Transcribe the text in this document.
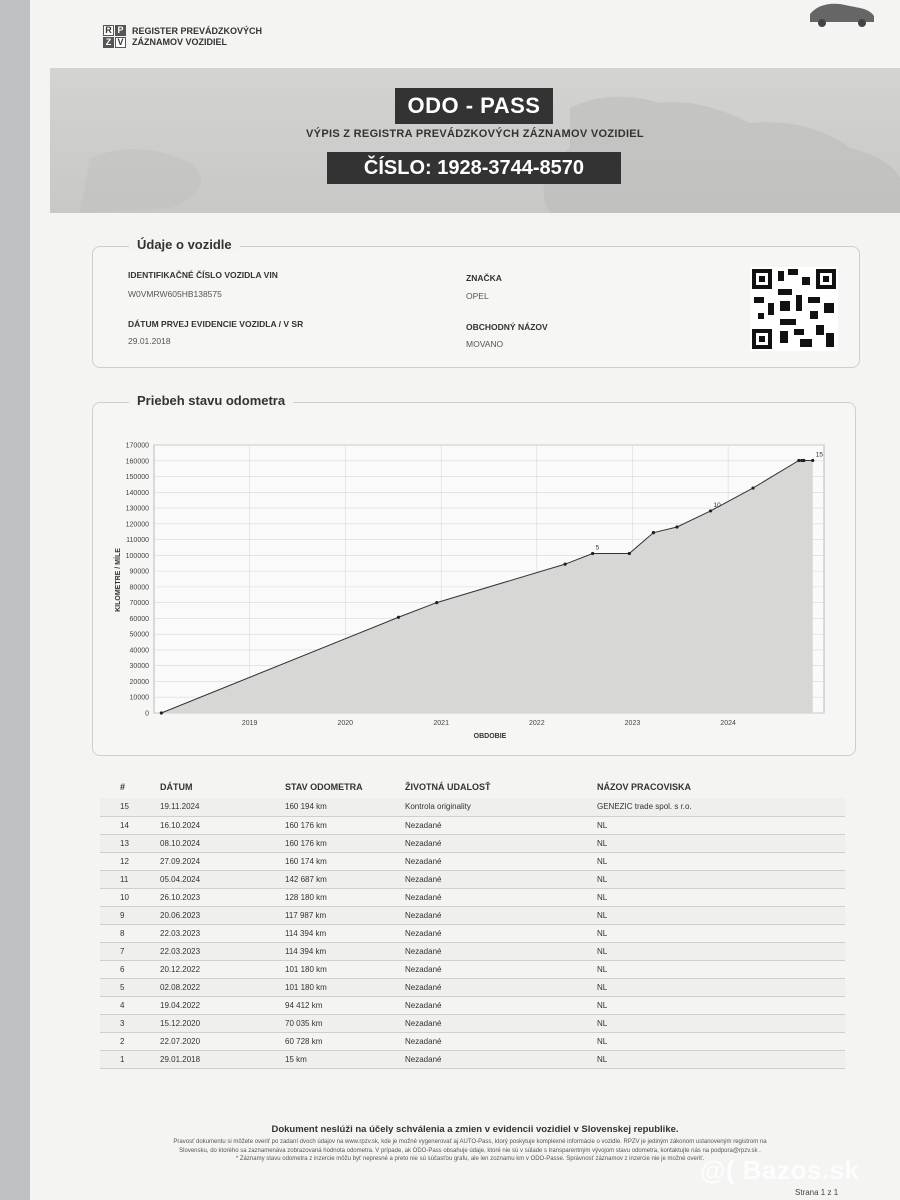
R P
Z V
REGISTER PREVÁDZKOVÝCH
ZÁZNAMOV VOZIDIEL
ODO - PASS
VÝPIS Z REGISTRA PREVÁDZKOVÝCH ZÁZNAMOV VOZIDIEL
ČÍSLO: 1928-3744-8570
Údaje o vozidle
IDENTIFIKAČNÉ ČÍSLO VOZIDLA VIN
W0VMRW605HB138575
DÁTUM PRVEJ EVIDENCIE VOZIDLA / V SR
29.01.2018
ZNAČKA
OPEL
OBCHODNÝ NÁZOV
MOVANO
Priebeh stavu odometra
5
10
15
0
10000
20000
30000
40000
50000
60000
70000
80000
90000
100000
110000
120000
130000
140000
150000
160000
170000
2019	2020	2021	2022	2023	2024
KILOMETRE / MÍLE
OBDOBIE
#	DÁTUM	STAV ODOMETRA	ŽIVOTNÁ UDALOSŤ	NÁZOV PRACOVISKA
15	19.11.2024	160 194 km	Kontrola originality	GENEZIC trade spol. s r.o.
14	16.10.2024	160 176 km	Nezadané	NL
13	08.10.2024	160 176 km	Nezadané	NL
12	27.09.2024	160 174 km	Nezadané	NL
11	05.04.2024	142 687 km	Nezadané	NL
10	26.10.2023	128 180 km	Nezadané	NL
9	20.06.2023	117 987 km	Nezadané	NL
8	22.03.2023	114 394 km	Nezadané	NL
7	22.03.2023	114 394 km	Nezadané	NL
6	20.12.2022	101 180 km	Nezadané	NL
5	02.08.2022	101 180 km	Nezadané	NL
4	19.04.2022	94 412 km	Nezadané	NL
3	15.12.2020	70 035 km	Nezadané	NL
2	22.07.2020	60 728 km	Nezadané	NL
1	29.01.2018	15 km	Nezadané	NL
Dokument neslúži na účely schválenia a zmien v evidencii vozidiel v Slovenskej republike.
Pravosť dokumentu si môžete overiť po zadaní dvoch údajov na www.rpzv.sk, kde je možné vygenerovať aj AUTO-Pass, ktorý poskytuje komplexné informácie o vozidle. RPZV je jediným zákonom ustanoveným registrom na
Slovensku, do ktorého sa zaznamenáva zobrazovaná hodnota odometra. V prípade, ak ODO-Pass obsahuje údaje, ktoré nie sú v súlade s transparentným vývojom stavu odometra, kontaktujte nás na podpora@rpzv.sk .
* Záznamy stavu odometra z inzercie môžu byť nepresné a preto nie sú súčasťou grafu, ale len zoznamu km v ODO-Passe. Správnosť záznamov z inzercie nie je možné overiť.
Strana 1 z 1
@( Bazos.sk
